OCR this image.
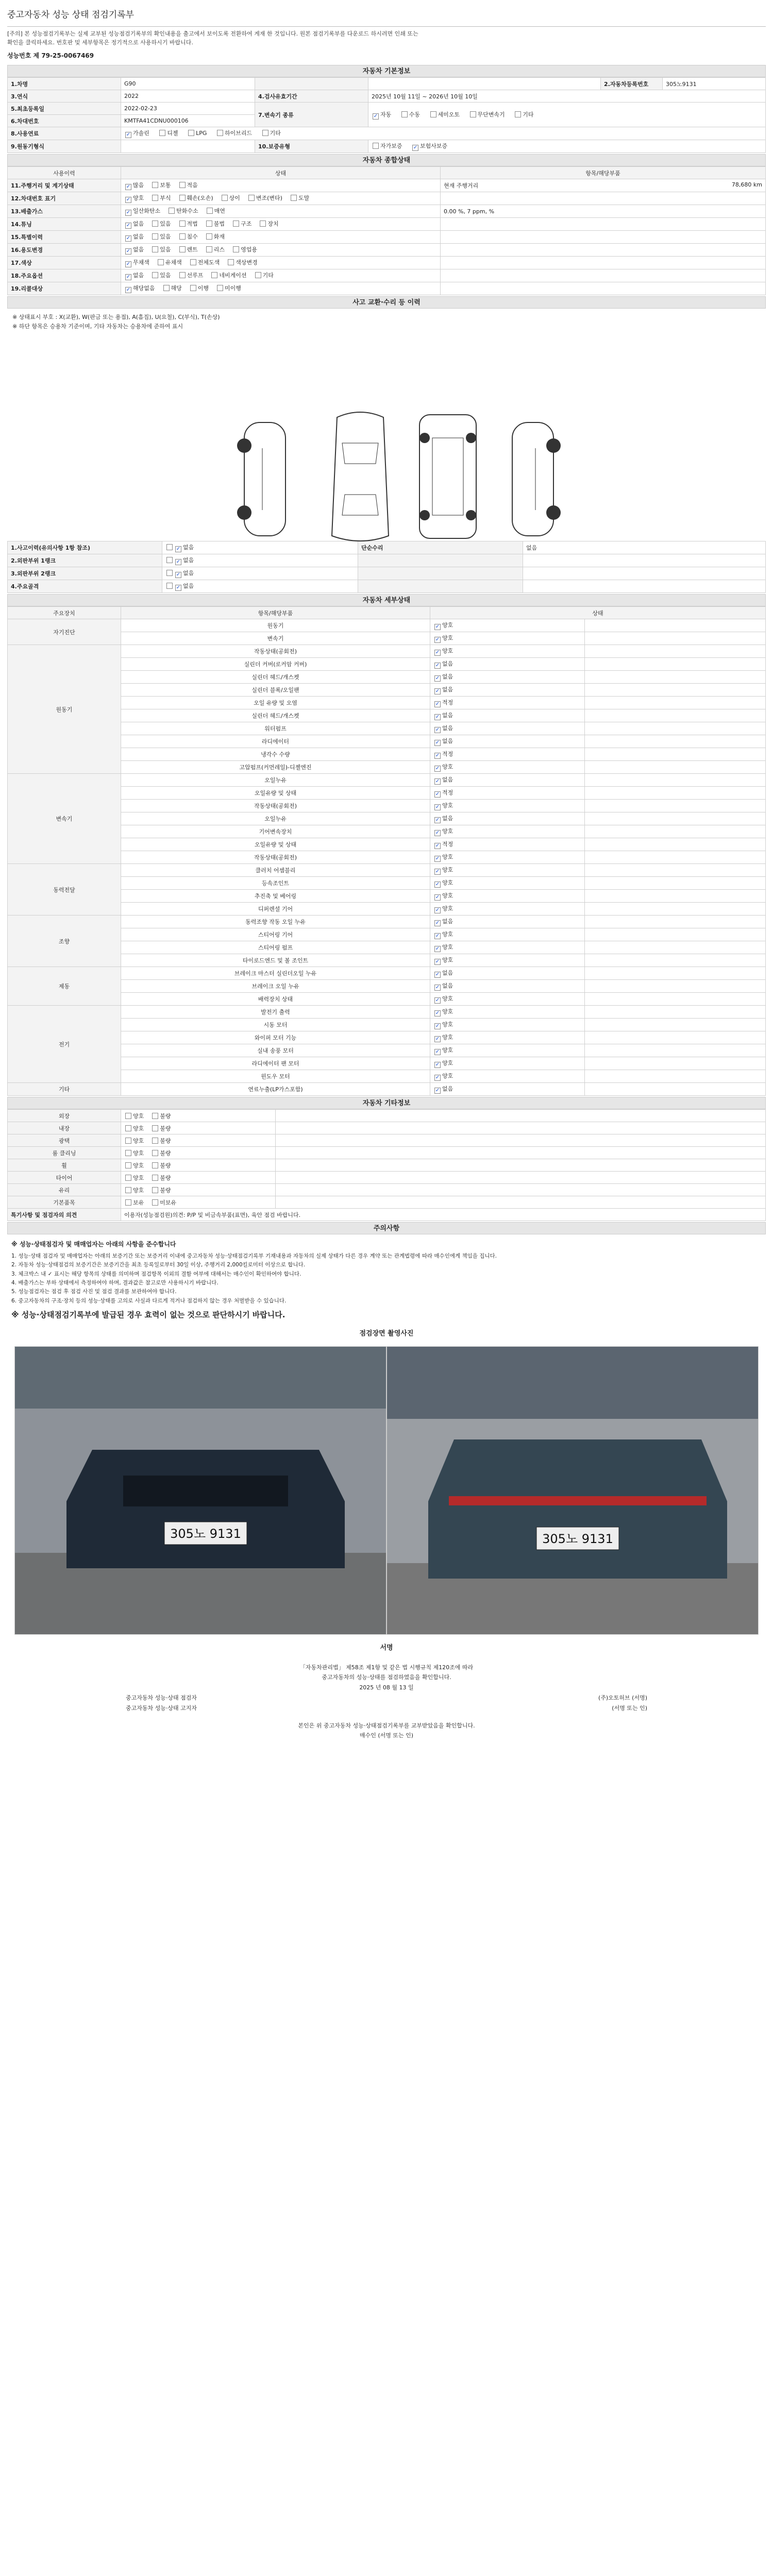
중고자동차 성능 상태 점검기록부
[주의] 본 성능점검기록부는 실제 교부된 성능점검기록부의 확인내용을 출고에서 보이도록 전환하여 게재 한 것입니다. 원본 점검기록부를 다운로드 하시려면 인쇄 또는
확인을 클릭하세요. 번호판 및 세부항목은 정기적으로 사용하시기 바랍니다.
성능번호 제 79-25-0067469
자동차 기본정보
1.차명	G90			2.자동차등록번호	305노9131
3.연식	2022	4.검사유효기간	2025년 10월 11일 ~ 2026년 10월 10일		
5.최초등록일	2022-02-23	7.변속기 종류	✓자동 수동 세미오토 무단변속기 기타
6.차대번호	KMTFA41CDNU000106				
8.사용연료	✓가솔린 디젤 LPG 하이브리드 기타
9.원동기형식		10.보증유형	자가보증 ✓ 보험사보증
자동차 종합상태
사용이력	상태	항목/해당부품
11.주행거리 및 계기상태	✓많음 보통 적음	현재 주행거리 78,680 km

12.차대번호 표기	✓양호 부식 훼손(오손) 상이 변조(변타) 도말	

13.배출가스	✓일산화탄소 탄화수소 매연	0.00 %, 7 ppm, %

14.튜닝	✓없음 있음 적법 불법 구조 장치	

15.특별이력	✓없음 있음 침수 화재	

16.용도변경	✓없음 있음 렌트 리스 영업용	

17.색상	✓무채색 유채색 전체도색 색상변경	

18.주요옵션	✓없음 있음 선루프 네비게이션 기타	

19.리콜대상	✓해당없음 해당 이행 미이행	
사고 교환·수리 등 이력
※ 상태표시 부호 : X(교환), W(판금 또는 용접), A(흠집), U(요철), C(부식), T(손상)
※ 하단 항목은 승용차 기준이며, 기타 자동차는 승용차에 준하여 표시
1.사고이력(유의사항 1항 참조)	✓없음	단순수리	없음
2.외판부위 1랭크	✓없음		
3.외판부위 2랭크	✓없음		
4.주요골격	✓없음		
자동차 세부상태
주요장치	항목/해당부품	상태	
자기진단	원동기	✓양호	
	변속기	✓양호	
원동기	작동상태(공회전)	✓양호	
	실린더 커버(로커암 커버)	✓없음	
	실린더 헤드/개스켓	✓없음	
	실린더 블록/오일팬	✓없음	
	오일 유량 및 오염	✓적정	
	실린더 헤드/개스켓	✓없음	
	워터펌프	✓없음	
	라디에이터	✓없음	
	냉각수 수량	✓적정	
	고압펌프(커먼레일)-디젤엔진	✓양호	
변속기	오일누유	✓없음	
	오일유량 및 상태	✓적정	
	작동상태(공회전)	✓양호	
	오일누유	✓없음	
	기어변속장치	✓양호	
	오일유량 및 상태	✓적정	
	작동상태(공회전)	✓양호	
동력전달	클러치 어셈블리	✓양호	
	등속조인트	✓양호	
	추진축 및 베어링	✓양호	
	디퍼렌셜 기어	✓양호	
조향	동력조향 작동 오일 누유	✓없음	
	스티어링 기어	✓양호	
	스티어링 펌프	✓양호	
	타이로드엔드 및 볼 조인트	✓양호	
제동	브레이크 마스터 실린더오일 누유	✓없음	
	브레이크 오일 누유	✓없음	
	배력장치 상태	✓양호	
전기	발전기 출력	✓양호	
	시동 모터	✓양호	
	와이퍼 모터 기능	✓양호	
	실내 송풍 모터	✓양호	
	라디에이터 팬 모터	✓양호	
	윈도우 모터	✓양호	
기타	연료누출(LP가스포함)	✓없음	
자동차 기타정보
외장	양호 불량	
내장	양호 불량	
광택	양호 불량	
룸 클리닝	양호 불량	
휠	양호 불량	
타이어	양호 불량	
유리	양호 불량	
기본품목	보유 미보유	
특기사항 및 점검자의 의견	이용자(성능점검원)의견: P/P 및 비금속부품(표면), 육안 점검 바랍니다.	
주의사항
※ 성능·상태점검자 및 매매업자는 아래의 사항을 준수합니다
1. 성능·상태 점검자 및 매매업자는 아래의 보증기간 또는 보증거리 이내에 중고자동차 성능·상태점검기록부 기재내용과 자동차의 실제 상태가 다른 경우 계약 또는 관계법령에 따라 매수인에게 책임을 집니다.
2. 자동차 성능·상태점검의 보증기간은 보증기간을 최초 등록일로부터 30일 이상, 주행거리 2,000킬로미터 이상으로 합니다.
3. 체크박스 내 ✓ 표시는 해당 항목의 상태를 의미하며 점검항목 이외의 결함 여부에 대해서는 매수인이 확인하여야 합니다.
4. 배출가스는 부하 상태에서 측정하여야 하며, 결과값은 참고로만 사용하시기 바랍니다.
5. 성능점검자는 점검 후 점검 사진 및 점검 결과를 보관하여야 합니다.
6. 중고자동차의 구조·장치 등의 성능·상태를 고의로 사실과 다르게 적거나 점검하지 않는 경우 처벌받을 수 있습니다.
※ 성능·상태점검기록부에 발급된 경우 효력이 없는 것으로 판단하시기 바랍니다.
점검장면 촬영사진
305노 9131	305노 9131
서명
「자동차관리법」 제58조 제1항 및 같은 법 시행규칙 제120조에 따라
중고자동차의 성능·상태를 점검하였음을 확인합니다.
2025 년 08 월 13 일
중고자동차 성능·상태 점검자	(주)오토허브 (서명)
중고자동차 성능·상태 고지자	(서명 또는 인)
본인은 위 중고자동차 성능·상태점검기록부를 교부받았음을 확인합니다.
매수인 (서명 또는 인)
